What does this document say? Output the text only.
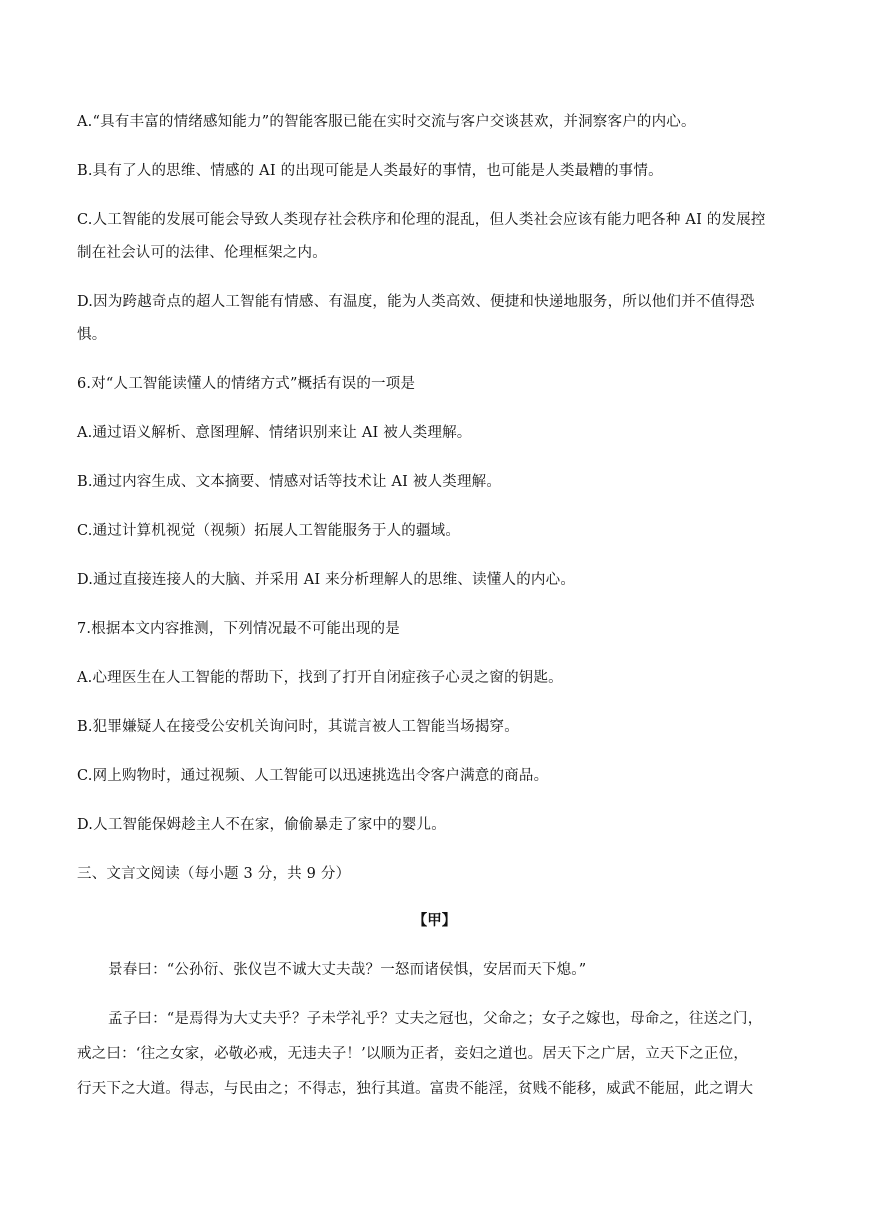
A.“具有丰富的情绪感知能力”的智能客服已能在实时交流与客户交谈甚欢，并洞察客户的内心。
B.具有了人的思维、情感的 AI 的出现可能是人类最好的事情，也可能是人类最糟的事情。
C.人工智能的发展可能会导致人类现存社会秩序和伦理的混乱，但人类社会应该有能力吧各种 AI 的发展控
制在社会认可的法律、伦理框架之内。
D.因为跨越奇点的超人工智能有情感、有温度，能为人类高效、便捷和快递地服务，所以他们并不值得恐
惧。
6.对“人工智能读懂人的情绪方式”概括有误的一项是
A.通过语义解析、意图理解、情绪识别来让 AI 被人类理解。
B.通过内容生成、文本摘要、情感对话等技术让 AI 被人类理解。
C.通过计算机视觉（视频）拓展人工智能服务于人的疆域。
D.通过直接连接人的大脑、并采用 AI 来分析理解人的思维、读懂人的内心。
7.根据本文内容推测，下列情况最不可能出现的是
A.心理医生在人工智能的帮助下，找到了打开自闭症孩子心灵之窗的钥匙。
B.犯罪嫌疑人在接受公安机关询问时，其谎言被人工智能当场揭穿。
C.网上购物时，通过视频、人工智能可以迅速挑选出令客户满意的商品。
D.人工智能保姆趁主人不在家，偷偷暴走了家中的婴儿。
三、文言文阅读（每小题 3 分，共 9 分）
【甲】
景春曰：“公孙衍、张仪岂不诚大丈夫哉？一怒而诸侯惧，安居而天下熄。”
孟子曰：“是焉得为大丈夫乎？子未学礼乎？丈夫之冠也，父命之；女子之嫁也，母命之，往送之门，
戒之曰：‘往之女家，必敬必戒，无违夫子！’以顺为正者，妾妇之道也。居天下之广居，立天下之正位，
行天下之大道。得志，与民由之；不得志，独行其道。富贵不能淫，贫贱不能移，威武不能屈，此之谓大
